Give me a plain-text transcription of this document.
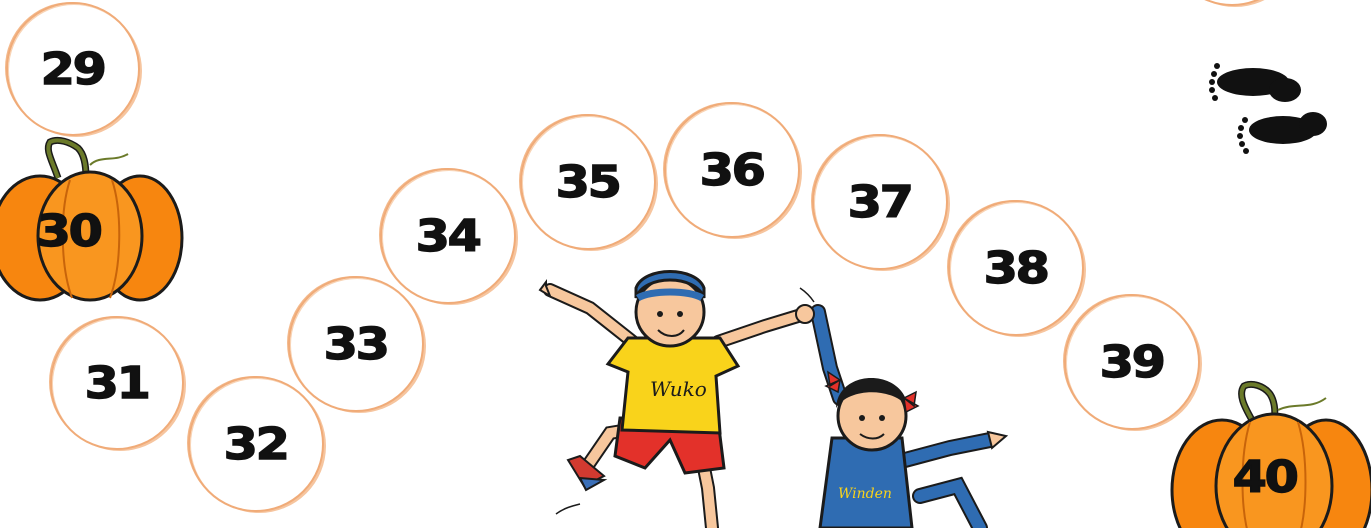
29
30
31
32
33
34
35 36
37
38
39
40
Wuko
Winden
